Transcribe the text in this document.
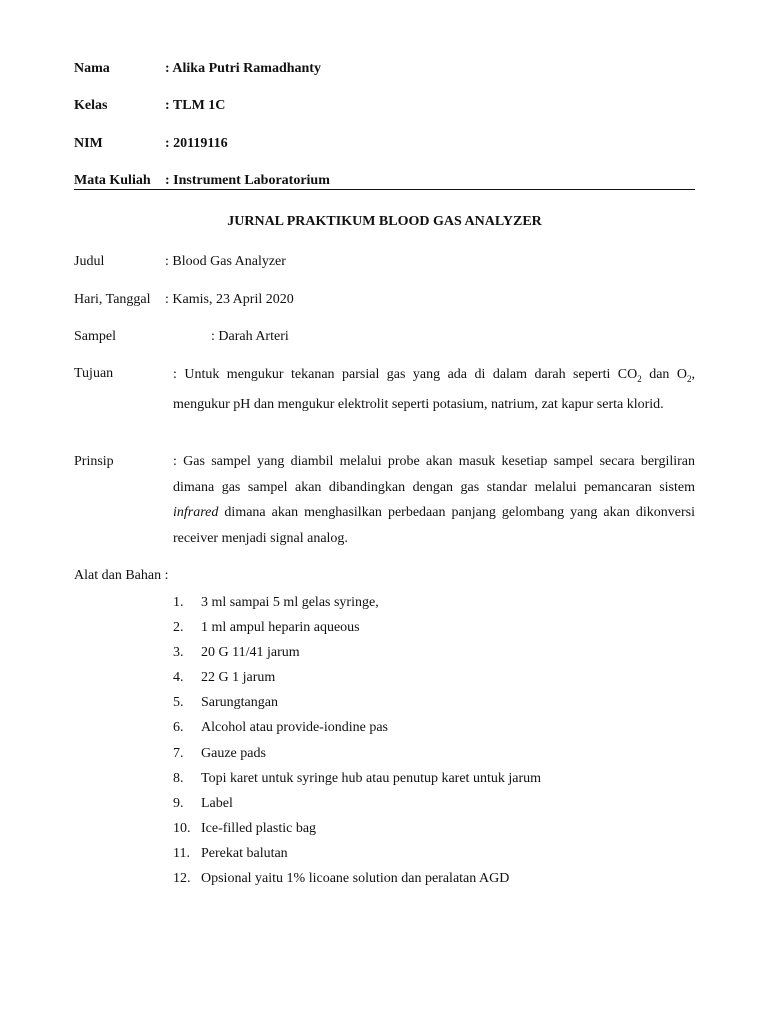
Nama	: Alika Putri Ramadhanty
Kelas	: TLM 1C
NIM	: 20119116
Mata Kuliah : Instrument Laboratorium
JURNAL PRAKTIKUM BLOOD GAS ANALYZER
Judul	: Blood Gas Analyzer
Hari, Tanggal : Kamis, 23 April 2020
Sampel	: Darah Arteri
Tujuan	: Untuk mengukur tekanan parsial gas yang ada di dalam darah seperti $CO_2$ dan $O_2$, mengukur pH dan mengukur elektrolit seperti potasium, natrium, zat kapur serta klorid.
Prinsip	: Gas sampel yang diambil melalui probe akan masuk kesetiap sampel secara bergiliran dimana gas sampel akan dibandingkan dengan gas standar melalui pemancaran sistem infrared dimana akan menghasilkan perbedaan panjang gelombang yang akan dikonversi receiver menjadi signal analog.
Alat dan Bahan :
1. 3 ml sampai 5 ml gelas syringe,
2. 1 ml ampul heparin aqueous
3. 20 G 11/41 jarum
4. 22 G 1 jarum
5. Sarungtangan
6. Alcohol atau provide-iondine pas
7. Gauze pads
8. Topi karet untuk syringe hub atau penutup karet untuk jarum
9. Label
10. Ice-filled plastic bag
11. Perekat balutan
12. Opsional yaitu 1% licoane solution dan peralatan AGD
